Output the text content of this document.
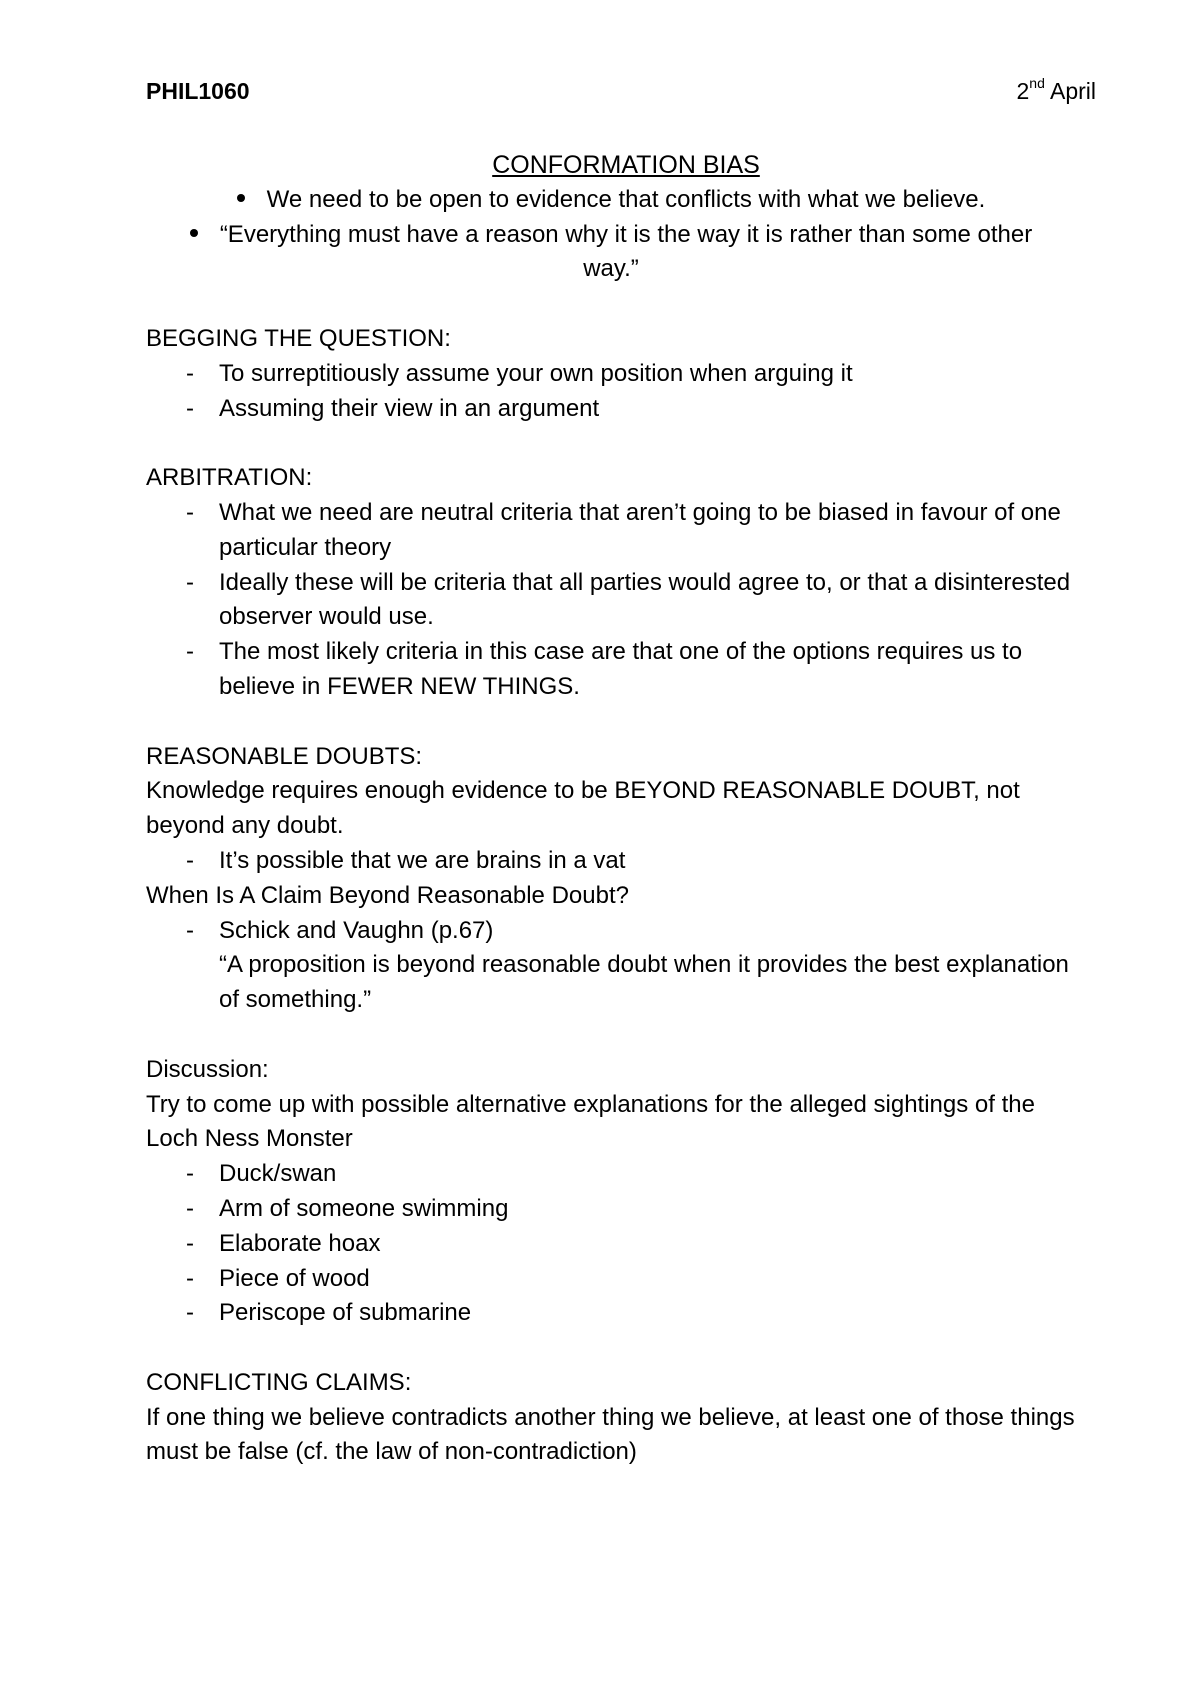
PHIL1060	2nd April

CONFORMATION BIAS

We need to be open to evidence that conflicts with what we believe.
“Everything must have a reason why it is the way it is rather than some other way.”

BEGGING THE QUESTION:

- To surreptitiously assume your own position when arguing it
- Assuming their view in an argument

ARBITRATION:

- What we need are neutral criteria that aren’t going to be biased in favour of one particular theory
- Ideally these will be criteria that all parties would agree to, or that a disinterested observer would use.
- The most likely criteria in this case are that one of the options requires us to believe in FEWER NEW THINGS.

REASONABLE DOUBTS:

Knowledge requires enough evidence to be BEYOND REASONABLE DOUBT, not beyond any doubt.

- It’s possible that we are brains in a vat

When Is A Claim Beyond Reasonable Doubt?

- Schick and Vaughn (p.67)
“A proposition is beyond reasonable doubt when it provides the best explanation of something.”

Discussion:

Try to come up with possible alternative explanations for the alleged sightings of the Loch Ness Monster

- Duck/swan
- Arm of someone swimming
- Elaborate hoax
- Piece of wood
- Periscope of submarine

CONFLICTING CLAIMS:

If one thing we believe contradicts another thing we believe, at least one of those things must be false (cf. the law of non-contradiction)
